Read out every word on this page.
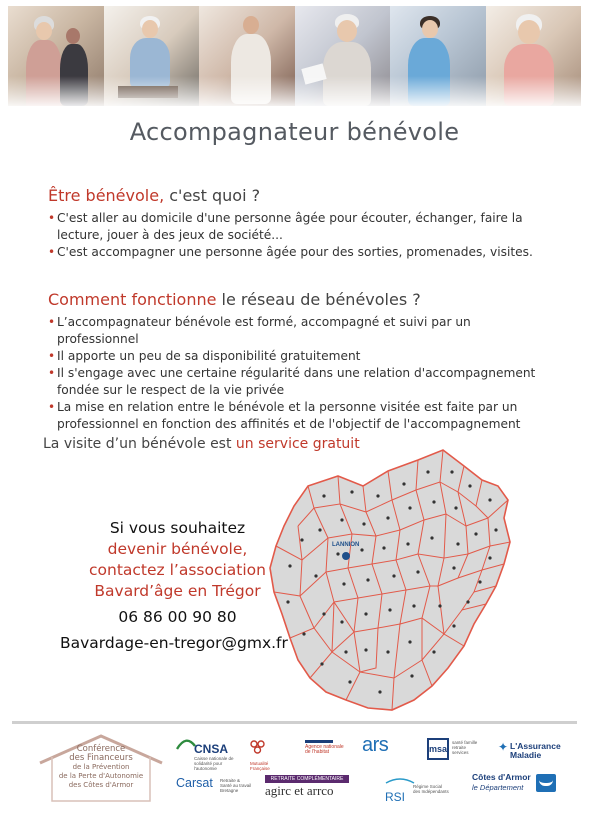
Accompagnateur bénévole
Être bénévole, c'est quoi ?
• C'est aller au domicile d'une personne âgée pour écouter, échanger, faire la lecture, jouer à des jeux de société...
• C'est accompagner une personne âgée pour des sorties, promenades, visites.
Comment fonctionne le réseau de bénévoles ?
• L’accompagnateur bénévole est formé, accompagné et suivi par un professionnel
• Il apporte un peu de sa disponibilité gratuitement
• Il s'engage avec une certaine régularité dans une relation d'accompagnement fondée sur le respect de la vie privée
• La mise en relation entre le bénévole et la personne visitée est faite par un professionnel en fonction des affinités et de l'objectif de l'accompagnement
La visite d’un bénévole est un service gratuit
LANNION
Si vous souhaitez
devenir bénévole,
contactez l’association
Bavard’âge en Trégor
06 86 00 90 80
Bavardage-en-tregor@gmx.fr
Conférence
des Financeurs
de la Prévention
de la Perte d'Autonomie
des Côtes d'Armor
CNSA
Caisse nationale de solidarité pour l'autonomie
Mutualité Française
Agence nationale de l'habitat	ars	msa
santé famille retraite services	✦ L'Assurance Maladie
Carsat Retraite & Santé au travail Bretagne
RETRAITE COMPLÉMENTAIRE
agirc et arrco	RSI
Régime Social des Indépendants
Côtes d'Armor
le Département
